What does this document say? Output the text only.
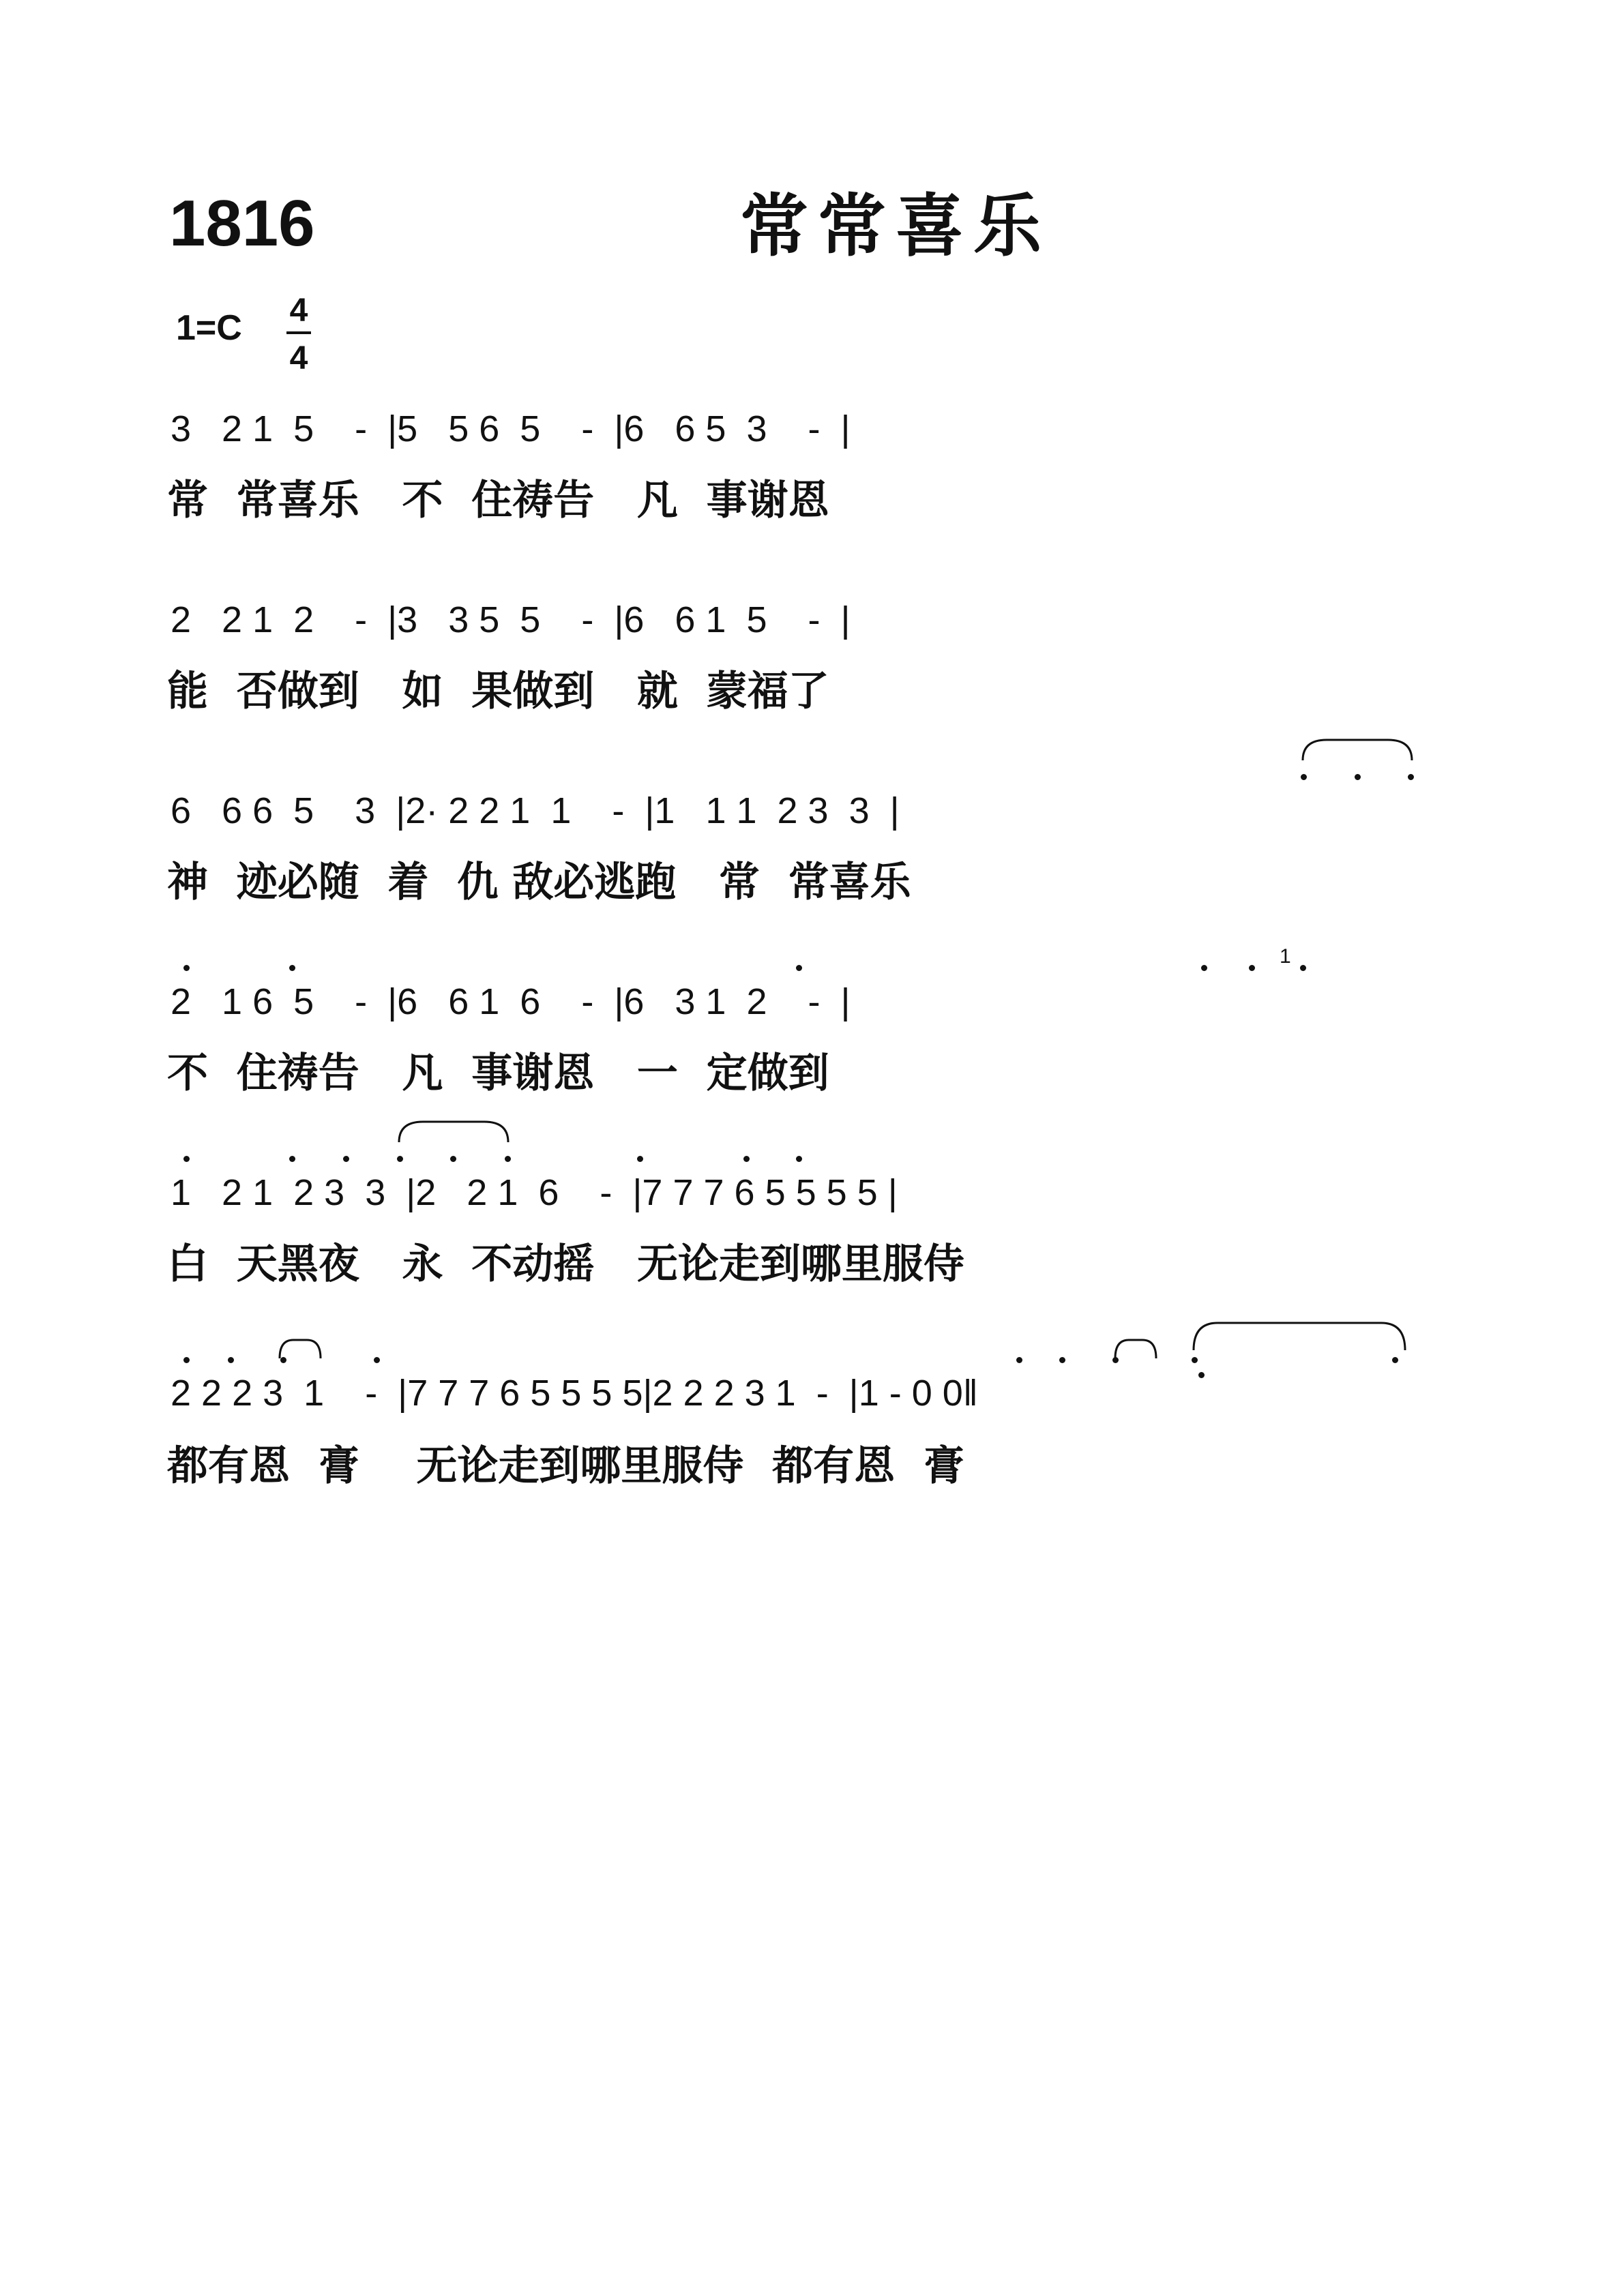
1816	常常喜乐
1=C 4
4
3   2 1  5    -  |5   5 6  5    -  |6   6 5  3    -  |
常  常喜乐   不  住祷告   凡  事谢恩
2   2 1  2    -  |3   3 5  5    -  |6   6 1  5    -  |
能  否做到   如  果做到   就  蒙福了
6   6 6  5    3  |2· 2 2 1  1    -  |1   1 1  2 3  3  |
神  迹必随  着  仇 敌必逃跑   常  常喜乐
1
2   1 6  5    -  |6   6 1  6    -  |6   3 1  2    -  |
不  住祷告   凡  事谢恩   一  定做到
1   2 1  2 3  3  |2   2 1  6    -  |7 7 7 6 5 5 5 5 |
白  天黑夜   永  不动摇   无论走到哪里服侍
2 2 2 3  1    -  |7 7 7 6 5 5 5 5|2 2 2 3 1  -  |1 - 0 0‖
都有恩  膏    无论走到哪里服侍  都有恩  膏
